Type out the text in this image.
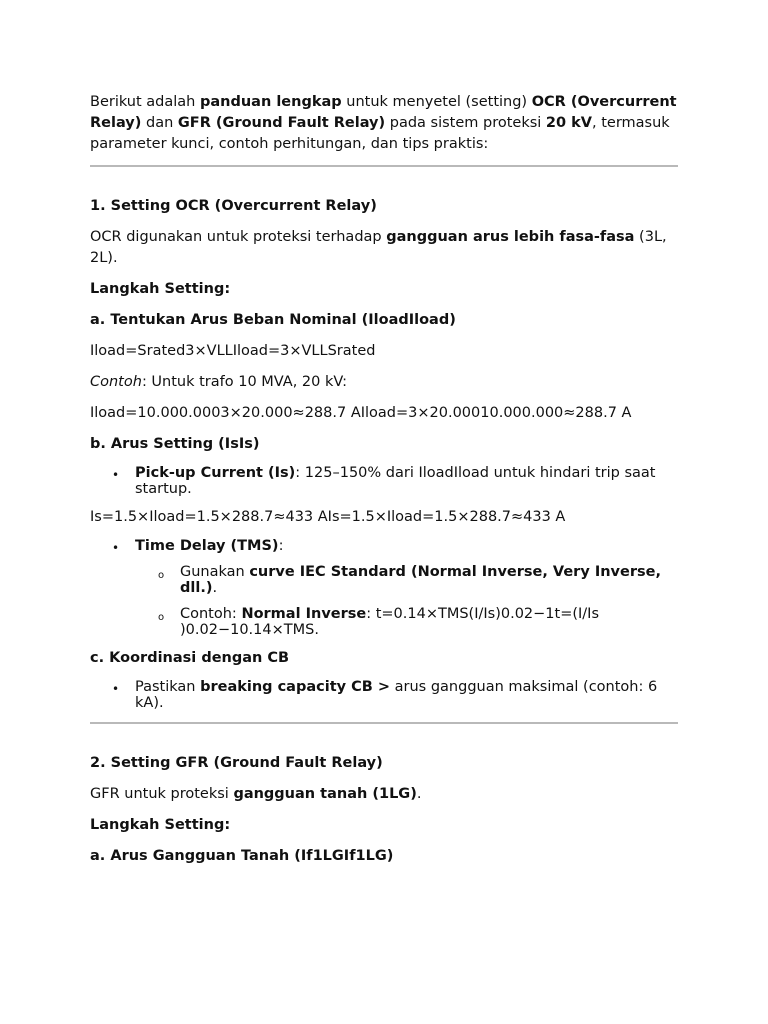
Berikut adalah panduan lengkap untuk menyetel (setting) OCR (Overcurrent Relay) dan GFR (Ground Fault Relay) pada sistem proteksi 20 kV, termasuk parameter kunci, contoh perhitungan, dan tips praktis:

1. Setting OCR (Overcurrent Relay)

OCR digunakan untuk proteksi terhadap gangguan arus lebih fasa-fasa (3L, 2L).

Langkah Setting:

a. Tentukan Arus Beban Nominal (IloadIload)

Iload=Srated3×VLLIload=3×VLLSrated

Contoh: Untuk trafo 10 MVA, 20 kV:

Iload=10.000.0003×20.000≈288.7 AIload=3×20.00010.000.000≈288.7 A

b. Arus Setting (IsIs)

• Pick-up Current (Is): 125–150% dari IloadIload untuk hindari trip saat startup.

Is=1.5×Iload=1.5×288.7≈433 AIs=1.5×Iload=1.5×288.7≈433 A

• Time Delay (TMS):
o Gunakan curve IEC Standard (Normal Inverse, Very Inverse, dll.).
o Contoh: Normal Inverse: t=0.14×TMS(I/Is)0.02−1t=(I/Is )0.02−10.14×TMS.

c. Koordinasi dengan CB

• Pastikan breaking capacity CB > arus gangguan maksimal (contoh: 6 kA).

2. Setting GFR (Ground Fault Relay)

GFR untuk proteksi gangguan tanah (1LG).

Langkah Setting:

a. Arus Gangguan Tanah (If1LGIf1LG)
